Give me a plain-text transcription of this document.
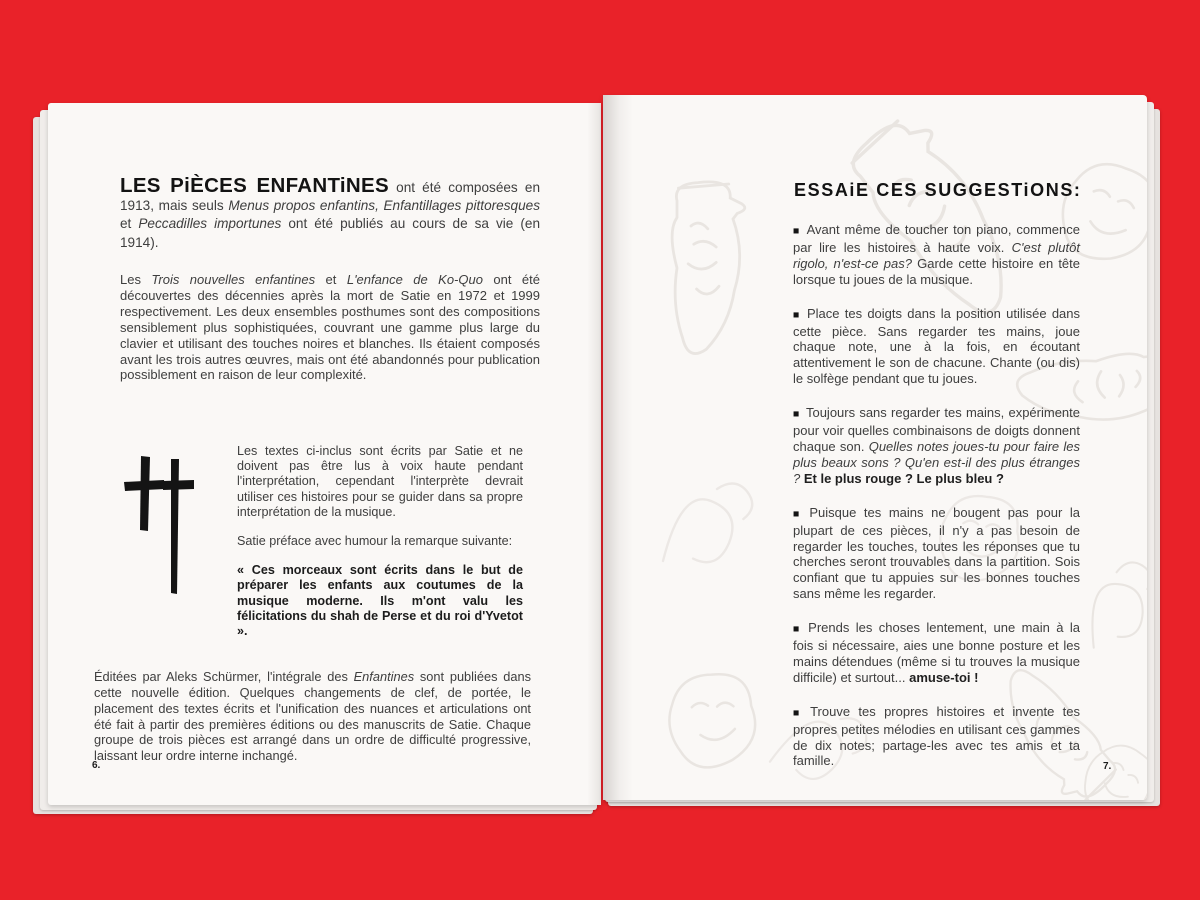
LES PiÈCES ENFANTiNES ont été composées en 1913, mais seuls Menus propos enfantins, Enfantillages pittoresques et Peccadilles importunes ont été publiés au cours de sa vie (en 1914).

Les Trois nouvelles enfantines et L'enfance de Ko-Quo ont été découvertes des décennies après la mort de Satie en 1972 et 1999 respectivement. Les deux ensembles posthumes sont des compositions sensiblement plus sophistiquées, couvrant une gamme plus large du clavier et utilisant des touches noires et blanches. Ils étaient composés avant les trois autres œuvres, mais ont été abandonnés pour publication possiblement en raison de leur complexité.

Les textes ci-inclus sont écrits par Satie et ne doivent pas être lus à voix haute pendant l'interprétation, cependant l'interprète devrait utiliser ces histoires pour se guider dans sa propre interprétation de la musique.

Satie préface avec humour la remarque suivante:

« Ces morceaux sont écrits dans le but de préparer les enfants aux coutumes de la musique moderne. Ils m'ont valu les félicitations du shah de Perse et du roi d'Yvetot ».

Éditées par Aleks Schürmer, l'intégrale des Enfantines sont publiées dans cette nouvelle édition. Quelques changements de clef, de portée, le placement des textes écrits et l'unification des nuances et articulations ont été fait à partir des premières éditions ou des manuscrits de Satie. Chaque groupe de trois pièces est arrangé dans un ordre de difficulté progressive, laissant leur ordre interne inchangé.

6.
ESSAiE CES SUGGESTiONS:

■ Avant même de toucher ton piano, commence par lire les histoires à haute voix. C'est plutôt rigolo, n'est-ce pas? Garde cette histoire en tête lorsque tu joues de la musique.

■ Place tes doigts dans la position utilisée dans cette pièce. Sans regarder tes mains, joue chaque note, une à la fois, en écoutant attentivement le son de chacune. Chante (ou dis) le solfège pendant que tu joues.

■ Toujours sans regarder tes mains, expérimente pour voir quelles combinaisons de doigts donnent chaque son. Quelles notes joues-tu pour faire les plus beaux sons ? Qu'en est-il des plus étranges ? Et le plus rouge ? Le plus bleu ?

■ Puisque tes mains ne bougent pas pour la plupart de ces pièces, il n'y a pas besoin de regarder les touches, toutes les réponses que tu cherches seront trouvables dans la partition. Sois confiant que tu appuies sur les bonnes touches sans même les regarder.

■ Prends les choses lentement, une main à la fois si nécessaire, aies une bonne posture et les mains détendues (même si tu trouves la musique difficile) et surtout... amuse-toi !

■ Trouve tes propres histoires et invente tes propres petites mélodies en utilisant ces gammes de dix notes; partage-les avec tes amis et ta famille.	7.
